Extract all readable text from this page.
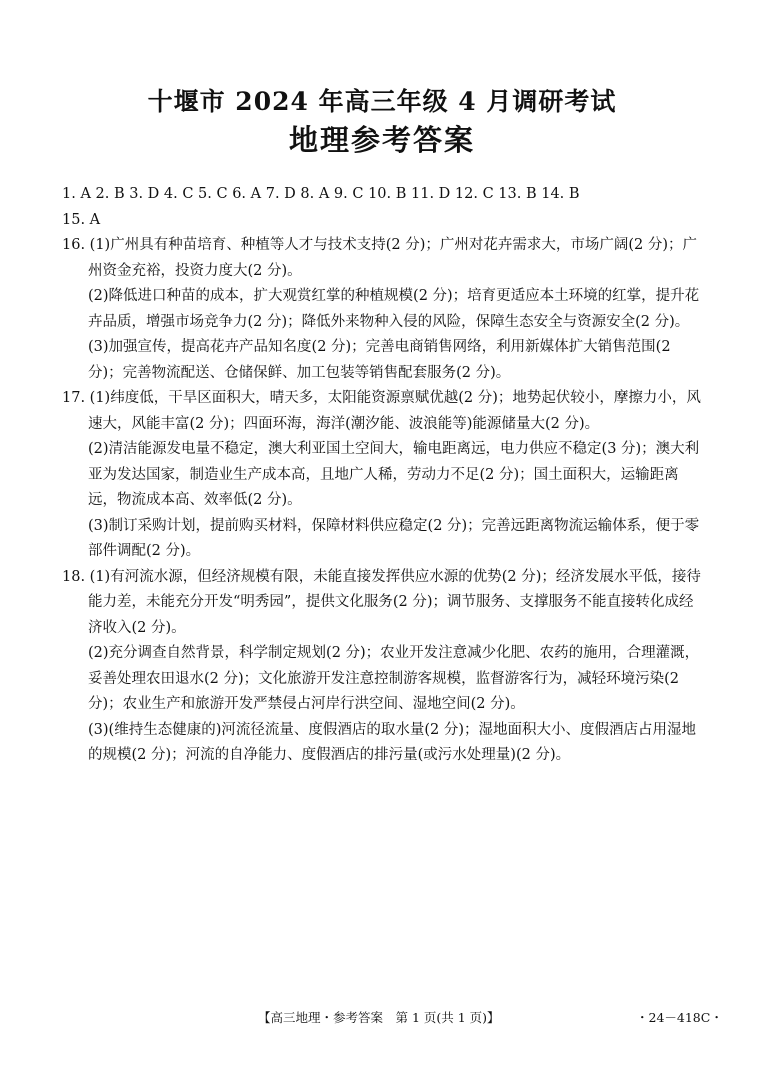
十堰市 2024 年高三年级 4 月调研考试
地理参考答案

1. A 2. B 3. D 4. C 5. C 6. A 7. D 8. A 9. C 10. B 11. D 12. C 13. B 14. B

15. A

16. (1)广州具有种苗培育、种植等人才与技术支持(2 分)；广州对花卉需求大，市场广阔(2 分)；广州资金充裕，投资力度大(2 分)。

(2)降低进口种苗的成本，扩大观赏红掌的种植规模(2 分)；培育更适应本土环境的红掌，提升花卉品质，增强市场竞争力(2 分)；降低外来物种入侵的风险，保障生态安全与资源安全(2 分)。

(3)加强宣传，提高花卉产品知名度(2 分)；完善电商销售网络，利用新媒体扩大销售范围(2 分)；完善物流配送、仓储保鲜、加工包装等销售配套服务(2 分)。

17. (1)纬度低，干旱区面积大，晴天多，太阳能资源禀赋优越(2 分)；地势起伏较小，摩擦力小，风速大，风能丰富(2 分)；四面环海，海洋(潮汐能、波浪能等)能源储量大(2 分)。

(2)清洁能源发电量不稳定，澳大利亚国土空间大，输电距离远，电力供应不稳定(3 分)；澳大利亚为发达国家，制造业生产成本高，且地广人稀，劳动力不足(2 分)；国土面积大，运输距离远，物流成本高、效率低(2 分)。

(3)制订采购计划，提前购买材料，保障材料供应稳定(2 分)；完善远距离物流运输体系，便于零部件调配(2 分)。

18. (1)有河流水源，但经济规模有限，未能直接发挥供应水源的优势(2 分)；经济发展水平低，接待能力差，未能充分开发“明秀园”，提供文化服务(2 分)；调节服务、支撑服务不能直接转化成经济收入(2 分)。

(2)充分调查自然背景，科学制定规划(2 分)；农业开发注意减少化肥、农药的施用，合理灌溉，妥善处理农田退水(2 分)；文化旅游开发注意控制游客规模，监督游客行为，减轻环境污染(2 分)；农业生产和旅游开发严禁侵占河岸行洪空间、湿地空间(2 分)。

(3)(维持生态健康的)河流径流量、度假酒店的取水量(2 分)；湿地面积大小、度假酒店占用湿地的规模(2 分)；河流的自净能力、度假酒店的排污量(或污水处理量)(2 分)。

【高三地理・参考答案　第 1 页(共 1 页)】	・24－418C・
